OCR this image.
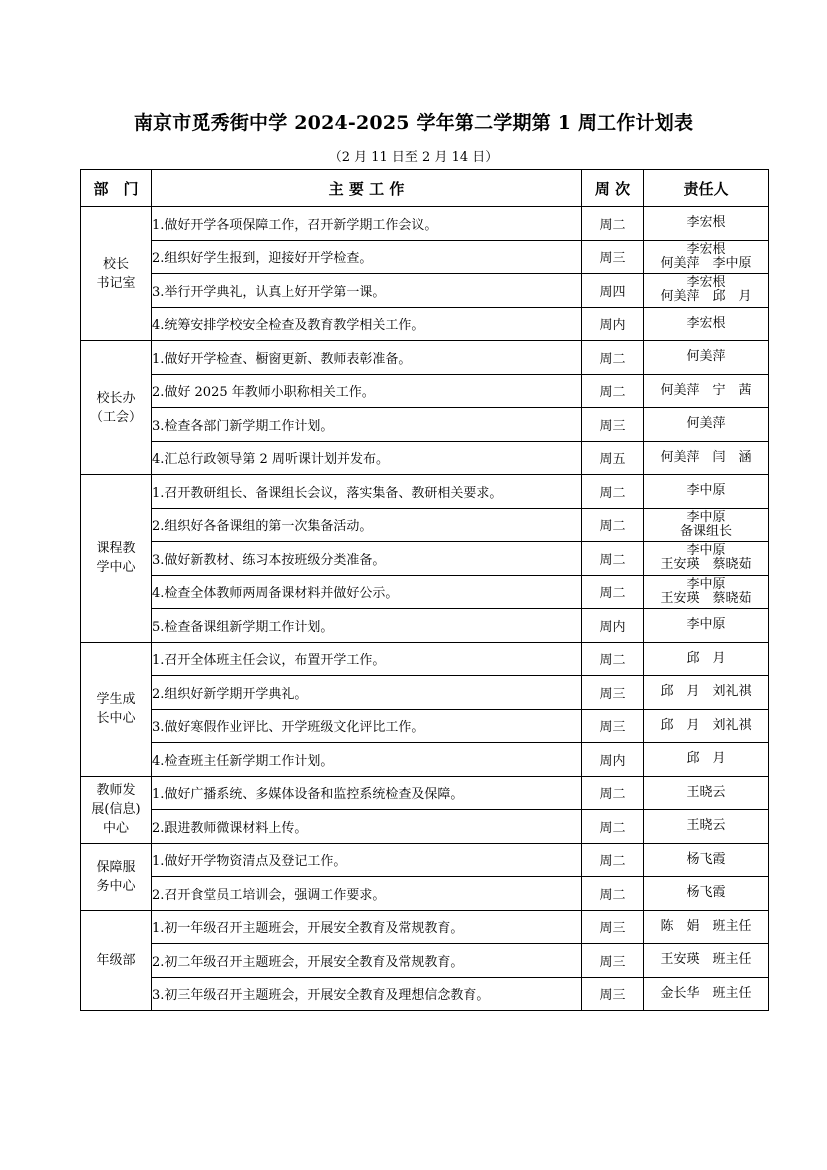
南京市觅秀街中学 2024-2025 学年第二学期第 1 周工作计划表
（2 月 11 日至 2 月 14 日）
部　门	主 要 工 作	周 次	责任人

校长
书记室	1.做好开学各项保障工作，召开新学期工作会议。	周二	李宏根

	2.组织好学生报到，迎接好开学检查。	周三	李宏根
何美萍　李中原

	3.举行开学典礼，认真上好开学第一课。	周四	李宏根
何美萍　邱　月

	4.统筹安排学校安全检查及教育教学相关工作。	周内	李宏根

校长办
（工会）	1.做好开学检查、橱窗更新、教师表彰准备。	周二	何美萍

	2.做好 2025 年教师小职称相关工作。	周二	何美萍　宁　茜

	3.检查各部门新学期工作计划。	周三	何美萍

	4.汇总行政领导第 2 周听课计划并发布。	周五	何美萍　闫　涵

课程教
学中心	1.召开教研组长、备课组长会议，落实集备、教研相关要求。	周二	李中原

	2.组织好各备课组的第一次集备活动。	周二	李中原
备课组长

	3.做好新教材、练习本按班级分类准备。	周二	李中原
王安瑛　蔡晓茹

	4.检查全体教师两周备课材料并做好公示。	周二	李中原
王安瑛　蔡晓茹

	5.检查备课组新学期工作计划。	周内	李中原

学生成
长中心	1.召开全体班主任会议，布置开学工作。	周二	邱　月

	2.组织好新学期开学典礼。	周三	邱　月　刘礼祺

	3.做好寒假作业评比、开学班级文化评比工作。	周三	邱　月　刘礼祺

	4.检查班主任新学期工作计划。	周内	邱　月

教师发
展(信息)
中心	1.做好广播系统、多媒体设备和监控系统检查及保障。	周二	王晓云

	2.跟进教师微课材料上传。	周二	王晓云

保障服
务中心	1.做好开学物资清点及登记工作。	周二	杨飞霞

	2.召开食堂员工培训会，强调工作要求。	周二	杨飞霞

年级部	1.初一年级召开主题班会，开展安全教育及常规教育。	周三	陈　娟　班主任

	2.初二年级召开主题班会，开展安全教育及常规教育。	周三	王安瑛　班主任

	3.初三年级召开主题班会，开展安全教育及理想信念教育。	周三	金长华　班主任
